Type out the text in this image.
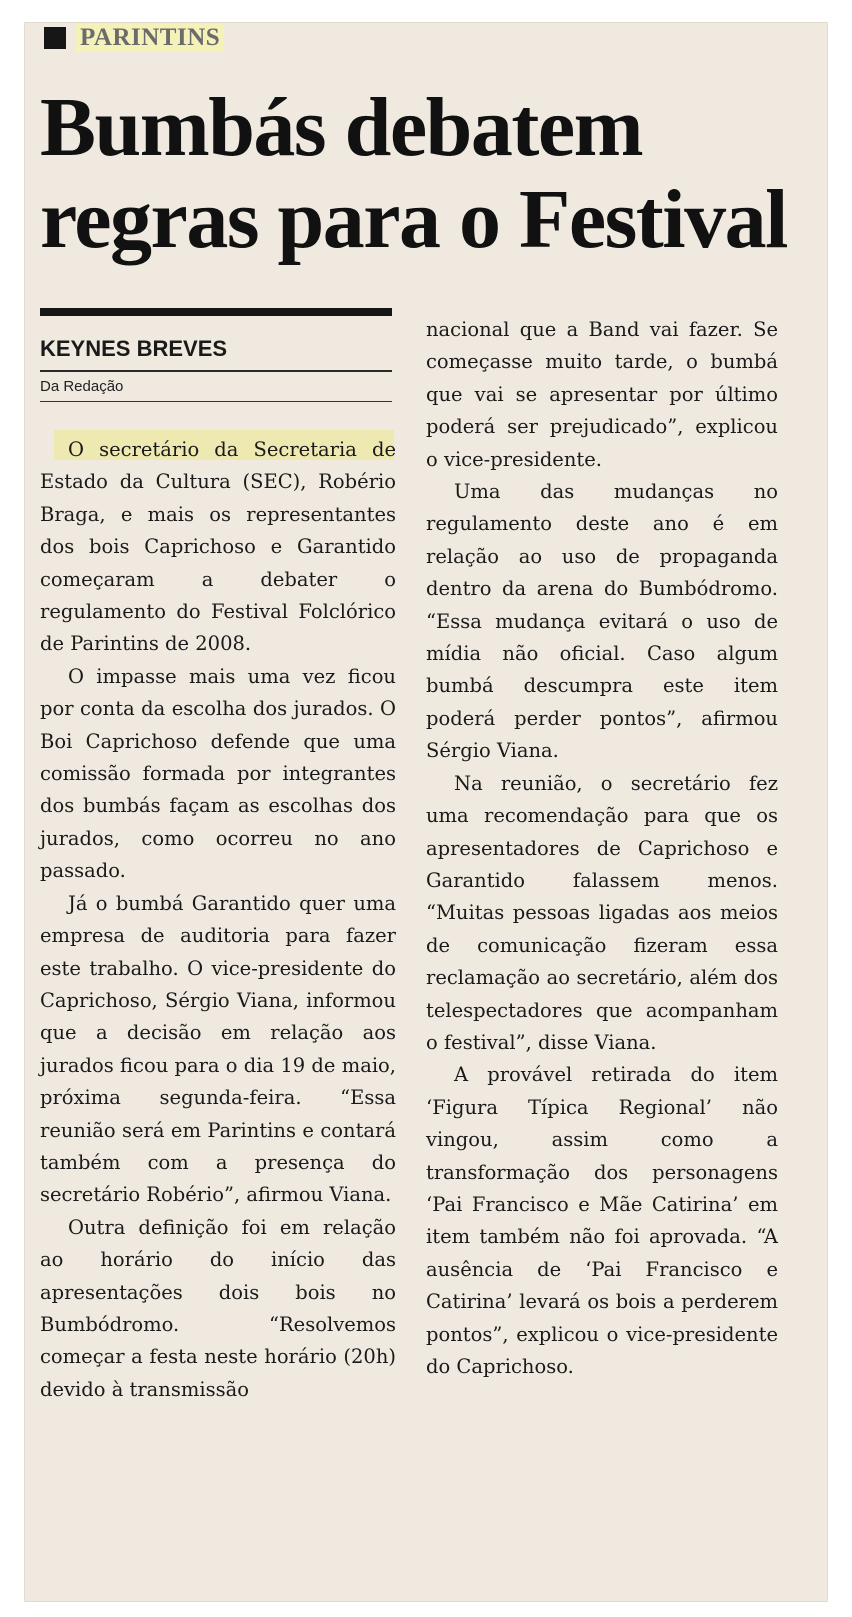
PARINTINS
Bumbás debatem
regras para o Festival
KEYNES BREVES
Da Redação

O secretário da Secretaria de Estado da Cultura (SEC), Robério Braga, e mais os representantes dos bois Caprichoso e Garantido começaram a debater o regulamento do Festival Folclórico de Parintins de 2008.

O impasse mais uma vez ficou por conta da escolha dos jurados. O Boi Caprichoso defende que uma comissão formada por integrantes dos bumbás façam as escolhas dos jurados, como ocorreu no ano passado.

Já o bumbá Garantido quer uma empresa de auditoria para fazer este trabalho. O vice-presidente do Caprichoso, Sérgio Viana, informou que a decisão em relação aos jurados ficou para o dia 19 de maio, próxima segunda-feira. “Essa reunião será em Parintins e contará também com a presença do secretário Robério”, afirmou Viana.

Outra definição foi em relação ao horário do início das apresentações dois bois no Bumbódromo. “Resolvemos começar a festa neste horário (20h) devido à transmissão

nacional que a Band vai fazer. Se começasse muito tarde, o bumbá que vai se apresentar por último poderá ser prejudicado”, explicou o vice-presidente.

Uma das mudanças no regulamento deste ano é em relação ao uso de propaganda dentro da arena do Bumbódromo. “Essa mudança evitará o uso de mídia não oficial. Caso algum bumbá descumpra este item poderá perder pontos”, afirmou Sérgio Viana.

Na reunião, o secretário fez uma recomendação para que os apresentadores de Caprichoso e Garantido falassem menos. “Muitas pessoas ligadas aos meios de comunicação fizeram essa reclamação ao secretário, além dos telespectadores que acompanham o festival”, disse Viana.

A provável retirada do item ‘Figura Típica Regional’ não vingou, assim como a transformação dos personagens ‘Pai Francisco e Mãe Catirina’ em item também não foi aprovada. “A ausência de ‘Pai Francisco e Catirina’ levará os bois a perderem pontos”, explicou o vice-presidente do Caprichoso.
